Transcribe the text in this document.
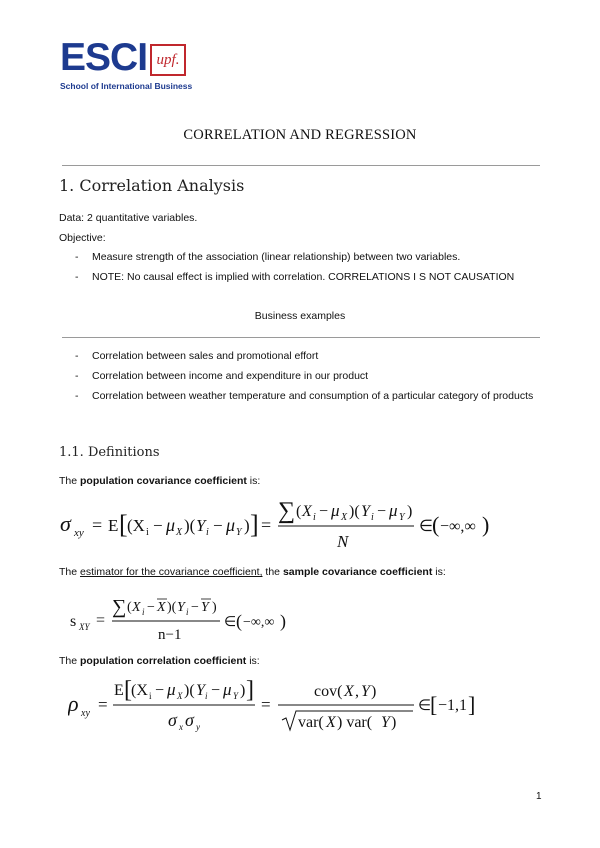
ESCI upf.
School of International Business
CORRELATION AND REGRESSION
1. Correlation Analysis
Data: 2 quantitative variables.
Objective:
- Measure strength of the association (linear relationship) between two variables.
- NOTE: No causal effect is implied with correlation. CORRELATIONS I S NOT CAUSATION
Business examples
- Correlation between sales and promotional effort
- Correlation between income and expenditure in our product
- Correlation between weather temperature and consumption of a particular category of products
1.1. Definitions
The population covariance coefficient is:
σ xy = E [ (X i − μ X )( Y i − μ Y ) ] =
∑ ( X i − μ X )( Y i − μ Y )
N
∈ ( −∞,∞ )
The estimator for the covariance coefficient, the sample covariance coefficient is:
s XY =
∑ ( X i − X )( Y i − Y )
n−1
∈ ( −∞,∞ )
The population correlation coefficient is:
ρ xy =
E [ (X i − μ X )( Y i − μ Y ) ]
σ x σ y
=
cov( X , Y )
var( X ) var( Y )
∈
[ −1,1 ]
1
